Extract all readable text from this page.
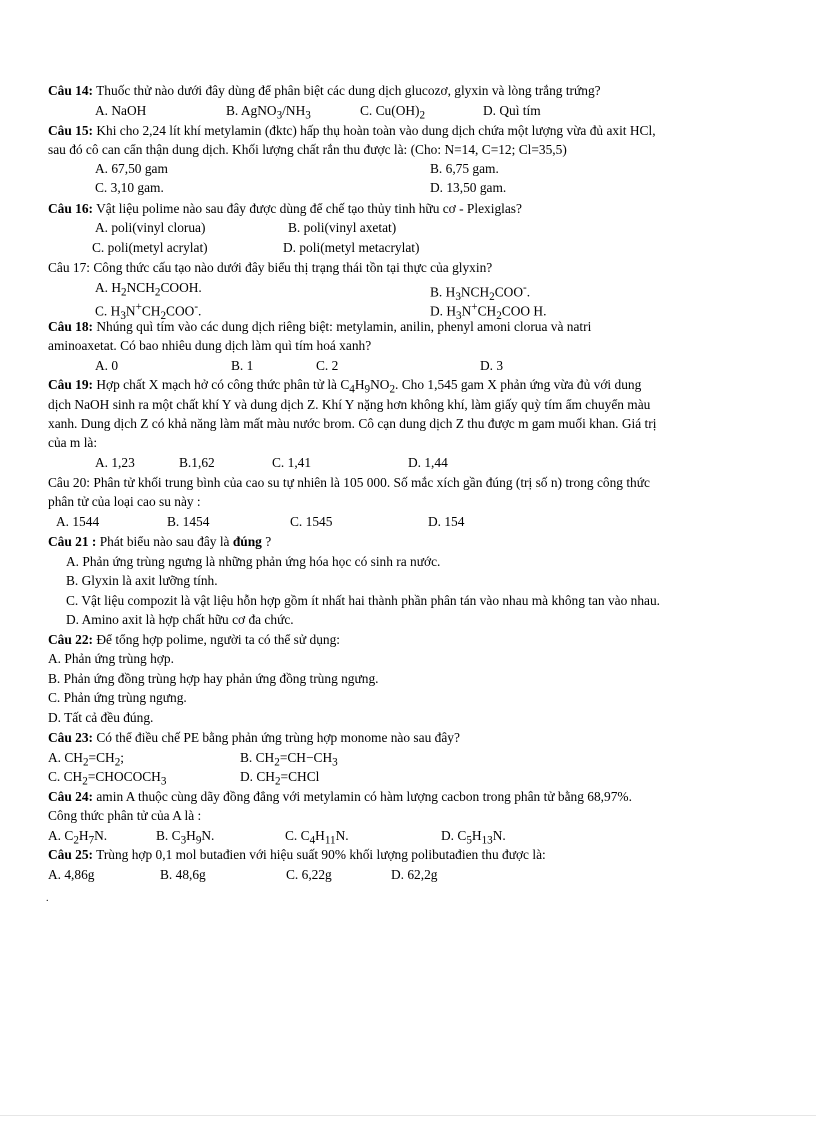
Câu 14: Thuốc thử nào dưới đây dùng để phân biệt các dung dịch glucozơ, glyxin và lòng trắng trứng?
A. NaOH	B. $AgNO_3/NH_3$	C. $Cu(OH)_2$	D. Quì tím
Câu 15: Khi cho 2,24 lít khí metylamin (đktc) hấp thụ hoàn toàn vào dung dịch chứa một lượng vừa đủ axit HCl,
sau đó cô can cẩn thận dung dịch. Khối lượng chất rắn thu được là: (Cho: N=14, C=12; Cl=35,5)
A. 67,50 gam	B. 6,75 gam.
C. 3,10 gam.	D. 13,50 gam.
Câu 16: Vật liệu polime nào sau đây được dùng để chế tạo thủy tinh hữu cơ - Plexiglas?
A. poli(vinyl clorua)	B. poli(vinyl axetat)
C. poli(metyl acrylat)	D. poli(metyl metacrylat)
Câu 17: Công thức cấu tạo nào dưới đây biểu thị trạng thái tồn tại thực của glyxin?
A. $H_2NCH_2COOH$.	B. $H_3NCH_2COO^-$.
C. $H_3N^+CH_2COO^-$.	D. $H_3N^+CH_2COO$ H.
Câu 18: Nhúng quì tím vào các dung dịch riêng biệt: metylamin, anilin, phenyl amoni clorua và natri
aminoaxetat. Có bao nhiêu dung dịch làm quì tím hoá xanh?
A. 0	B. 1	C. 2	D. 3
Câu 19: Hợp chất X mạch hở có công thức phân tử là $C_4H_9NO_2$. Cho 1,545 gam X phản ứng vừa đủ với dung
dịch NaOH sinh ra một chất khí Y và dung dịch Z. Khí Y nặng hơn không khí, làm giấy quỳ tím ẩm chuyển màu
xanh. Dung dịch Z có khả năng làm mất màu nước brom. Cô cạn dung dịch Z thu được m gam muối khan. Giá trị
của m là:
A. 1,23	B.1,62	C. 1,41	D. 1,44
Câu 20: Phân tử khối trung bình của cao su tự nhiên là 105 000. Số mắc xích gần đúng (trị số n) trong công thức
phân tử của loại cao su này :
A. 1544	B. 1454	C. 1545	D. 154
Câu 21 : Phát biểu nào sau đây là đúng ?
A. Phản ứng trùng ngưng là những phản ứng hóa học có sinh ra nước.
B. Glyxin là axit lưỡng tính.
C. Vật liệu compozit là vật liệu hỗn hợp gồm ít nhất hai thành phần phân tán vào nhau mà không tan vào nhau.
D. Amino axit là hợp chất hữu cơ đa chức.
Câu 22: Để tổng hợp polime, người ta có thể sử dụng:
A. Phản ứng trùng hợp.
B. Phản ứng đồng trùng hợp hay phản ứng đồng trùng ngưng.
C. Phản ứng trùng ngưng.
D. Tất cả đều đúng.
Câu 23: Có thể điều chế PE bằng phản ứng trùng hợp monome nào sau đây?
A. $CH_2=CH_2$;	B. $CH_2=CH-CH_3$
C. $CH_2=CHOCOCH_3$	D. $CH_2=CHCl$
Câu 24: amin A thuộc cùng dãy đồng đẳng với metylamin có hàm lượng cacbon trong phân tử bằng 68,97%.
Công thức phân tử của A là :
A. $C_2H_7N$.	B. $C_3H_9N$.	C. $C_4H_{11}N$.	D. $C_5H_{13}N$.
Câu 25: Trùng hợp 0,1 mol butađien với hiệu suất 90% khối lượng polibutađien thu được là:
A. 4,86g	B. 48,6g	C. 6,22g	D. 62,2g
.
